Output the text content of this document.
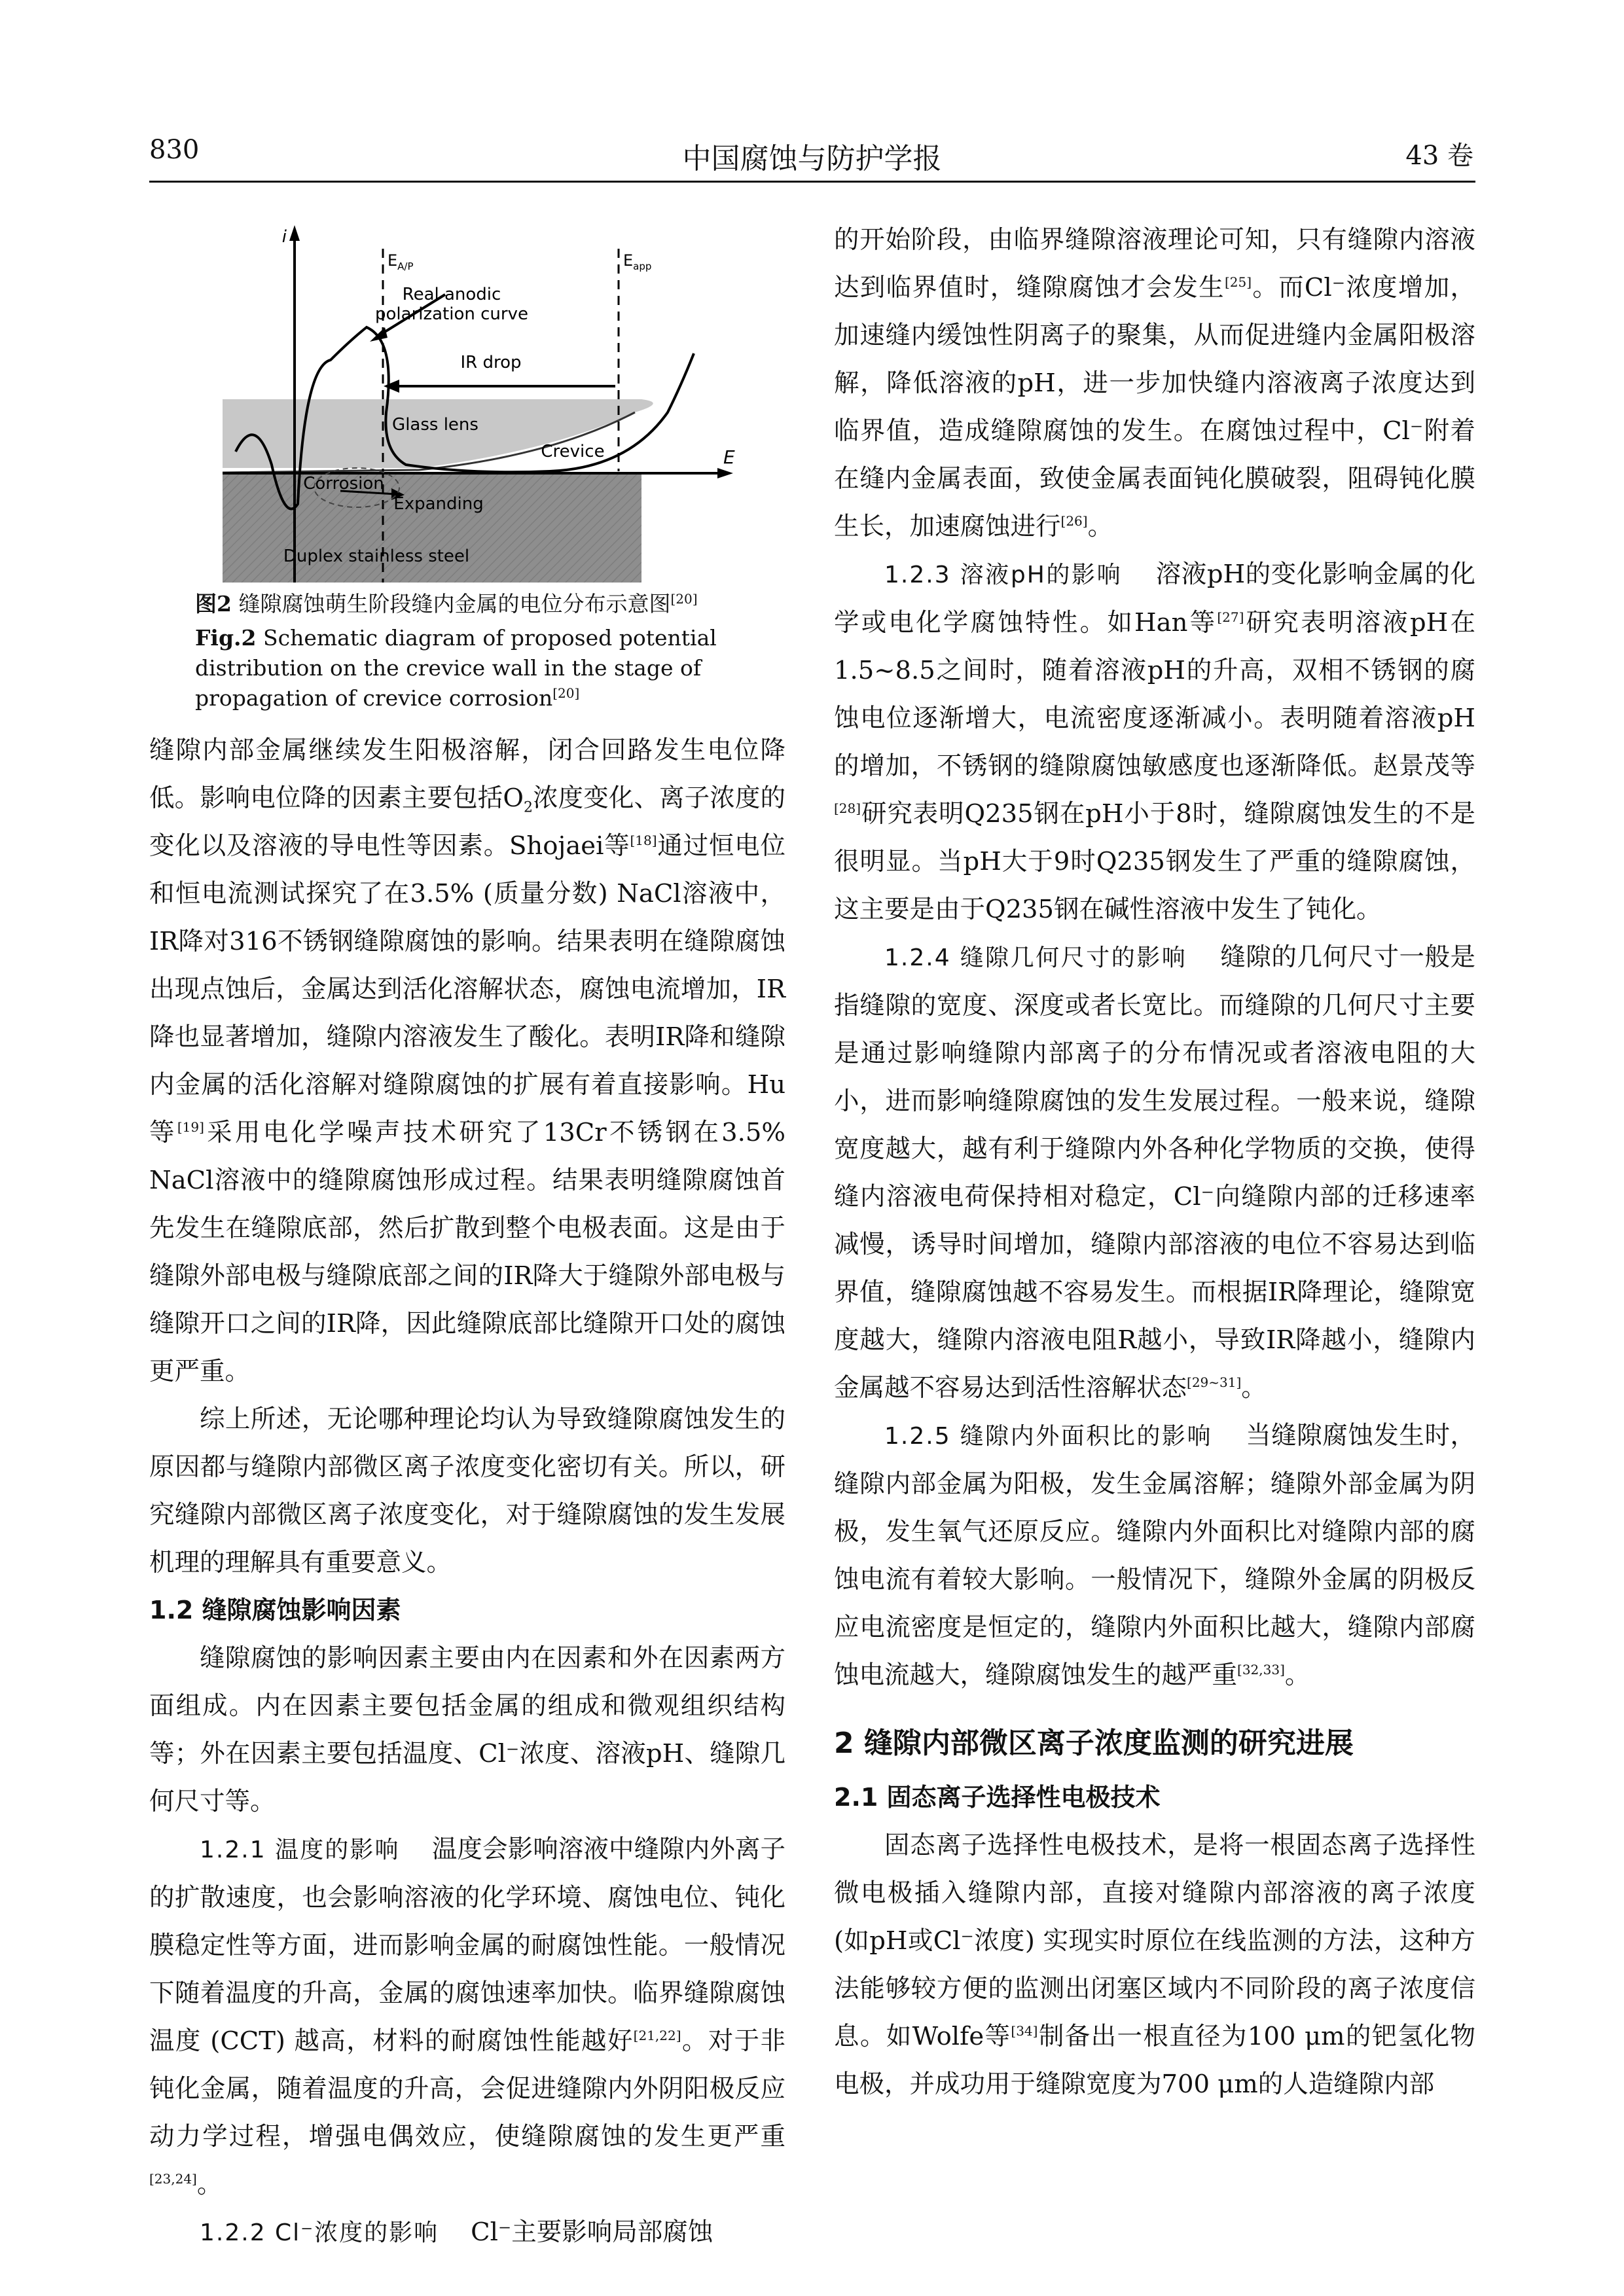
830	中国腐蚀与防护学报	43 卷
i
E
$E_{A/P}$	$E_{app}$
Real anodic
polarization curve
IR drop
Glass lens
Crevice
Corrosion
Expanding
Duplex stainless steel
图2 缝隙腐蚀萌生阶段缝内金属的电位分布示意图[20]
Fig.2 Schematic diagram of proposed potential distribution on the crevice wall in the stage of propagation of crevice corrosion[20]

缝隙内部金属继续发生阳极溶解，闭合回路发生电位降低。影响电位降的因素主要包括$O_2$浓度变化、离子浓度的变化以及溶液的导电性等因素。Shojaei等[18]通过恒电位和恒电流测试探究了在3.5% (质量分数) NaCl溶液中，IR降对316不锈钢缝隙腐蚀的影响。结果表明在缝隙腐蚀出现点蚀后，金属达到活化溶解状态，腐蚀电流增加，IR降也显著增加，缝隙内溶液发生了酸化。表明IR降和缝隙内金属的活化溶解对缝隙腐蚀的扩展有着直接影响。Hu等[19]采用电化学噪声技术研究了13Cr不锈钢在3.5% NaCl溶液中的缝隙腐蚀形成过程。结果表明缝隙腐蚀首先发生在缝隙底部，然后扩散到整个电极表面。这是由于缝隙外部电极与缝隙底部之间的IR降大于缝隙外部电极与缝隙开口之间的IR降，因此缝隙底部比缝隙开口处的腐蚀更严重。

综上所述，无论哪种理论均认为导致缝隙腐蚀发生的原因都与缝隙内部微区离子浓度变化密切有关。所以，研究缝隙内部微区离子浓度变化，对于缝隙腐蚀的发生发展机理的理解具有重要意义。

1.2 缝隙腐蚀影响因素

缝隙腐蚀的影响因素主要由内在因素和外在因素两方面组成。内在因素主要包括金属的组成和微观组织结构等；外在因素主要包括温度、Cl⁻浓度、溶液pH、缝隙几何尺寸等。

1.2.1 温度的影响 温度会影响溶液中缝隙内外离子的扩散速度，也会影响溶液的化学环境、腐蚀电位、钝化膜稳定性等方面，进而影响金属的耐腐蚀性能。一般情况下随着温度的升高，金属的腐蚀速率加快。临界缝隙腐蚀温度 (CCT) 越高，材料的耐腐蚀性能越好[21,22]。对于非钝化金属，随着温度的升高，会促进缝隙内外阴阳极反应动力学过程，增强电偶效应，使缝隙腐蚀的发生更严重[23,24]。

1.2.2 Cl⁻浓度的影响 Cl⁻主要影响局部腐蚀

的开始阶段，由临界缝隙溶液理论可知，只有缝隙内溶液达到临界值时，缝隙腐蚀才会发生[25]。而Cl⁻浓度增加，加速缝内缓蚀性阴离子的聚集，从而促进缝内金属阳极溶解，降低溶液的pH，进一步加快缝内溶液离子浓度达到临界值，造成缝隙腐蚀的发生。在腐蚀过程中，Cl⁻附着在缝内金属表面，致使金属表面钝化膜破裂，阻碍钝化膜生长，加速腐蚀进行[26]。

1.2.3 溶液pH的影响 溶液pH的变化影响金属的化学或电化学腐蚀特性。如Han等[27]研究表明溶液pH在1.5~8.5之间时，随着溶液pH的升高，双相不锈钢的腐蚀电位逐渐增大，电流密度逐渐减小。表明随着溶液pH的增加，不锈钢的缝隙腐蚀敏感度也逐渐降低。赵景茂等[28]研究表明Q235钢在pH小于8时，缝隙腐蚀发生的不是很明显。当pH大于9时Q235钢发生了严重的缝隙腐蚀，这主要是由于Q235钢在碱性溶液中发生了钝化。

1.2.4 缝隙几何尺寸的影响 缝隙的几何尺寸一般是指缝隙的宽度、深度或者长宽比。而缝隙的几何尺寸主要是通过影响缝隙内部离子的分布情况或者溶液电阻的大小，进而影响缝隙腐蚀的发生发展过程。一般来说，缝隙宽度越大，越有利于缝隙内外各种化学物质的交换，使得缝内溶液电荷保持相对稳定，Cl⁻向缝隙内部的迁移速率减慢，诱导时间增加，缝隙内部溶液的电位不容易达到临界值，缝隙腐蚀越不容易发生。而根据IR降理论，缝隙宽度越大，缝隙内溶液电阻R越小，导致IR降越小，缝隙内金属越不容易达到活性溶解状态[29~31]。

1.2.5 缝隙内外面积比的影响 当缝隙腐蚀发生时，缝隙内部金属为阳极，发生金属溶解；缝隙外部金属为阴极，发生氧气还原反应。缝隙内外面积比对缝隙内部的腐蚀电流有着较大影响。一般情况下，缝隙外金属的阴极反应电流密度是恒定的，缝隙内外面积比越大，缝隙内部腐蚀电流越大，缝隙腐蚀发生的越严重[32,33]。

2 缝隙内部微区离子浓度监测的研究进展
2.1 固态离子选择性电极技术

固态离子选择性电极技术，是将一根固态离子选择性微电极插入缝隙内部，直接对缝隙内部溶液的离子浓度 (如pH或Cl⁻浓度) 实现实时原位在线监测的方法，这种方法能够较方便的监测出闭塞区域内不同阶段的离子浓度信息。如Wolfe等[34]制备出一根直径为100 μm的钯氢化物电极，并成功用于缝隙宽度为700 μm的人造缝隙内部
